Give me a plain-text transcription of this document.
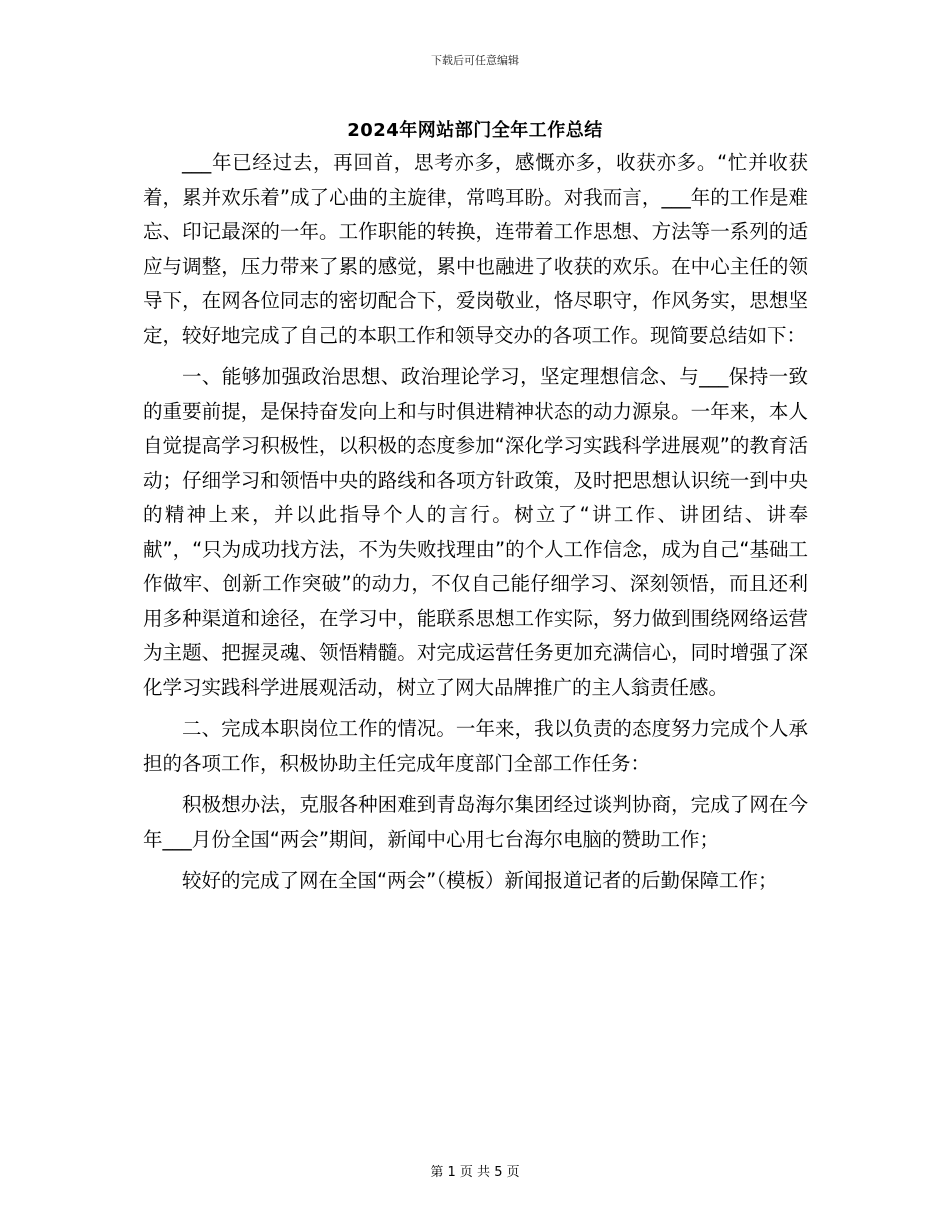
下载后可任意编辑
2024年网站部门全年工作总结

___年已经过去，再回首，思考亦多，感慨亦多，收获亦多。“忙并收获着，累并欢乐着”成了心曲的主旋律，常鸣耳盼。对我而言，___年的工作是难忘、印记最深的一年。工作职能的转换，连带着工作思想、方法等一系列的适应与调整，压力带来了累的感觉，累中也融进了收获的欢乐。在中心主任的领导下，在网各位同志的密切配合下，爱岗敬业，恪尽职守，作风务实，思想坚定，较好地完成了自己的本职工作和领导交办的各项工作。现简要总结如下：

一、能够加强政治思想、政治理论学习，坚定理想信念、与___保持一致的重要前提，是保持奋发向上和与时俱进精神状态的动力源泉。一年来，本人自觉提高学习积极性，以积极的态度参加“深化学习实践科学进展观”的教育活动；仔细学习和领悟中央的路线和各项方针政策，及时把思想认识统一到中央的精神上来，并以此指导个人的言行。树立了“讲工作、讲团结、讲奉献”，“只为成功找方法，不为失败找理由”的个人工作信念，成为自己“基础工作做牢、创新工作突破”的动力，不仅自己能仔细学习、深刻领悟，而且还利用多种渠道和途径，在学习中，能联系思想工作实际，努力做到围绕网络运营为主题、把握灵魂、领悟精髓。对完成运营任务更加充满信心，同时增强了深化学习实践科学进展观活动，树立了网大品牌推广的主人翁责任感。

二、完成本职岗位工作的情况。一年来，我以负责的态度努力完成个人承担的各项工作，积极协助主任完成年度部门全部工作任务：

积极想办法，克服各种困难到青岛海尔集团经过谈判协商，完成了网在今年___月份全国“两会”期间，新闻中心用七台海尔电脑的赞助工作；

较好的完成了网在全国“两会”（模板）新闻报道记者的后勤保障工作；

第 1 页 共 5 页
